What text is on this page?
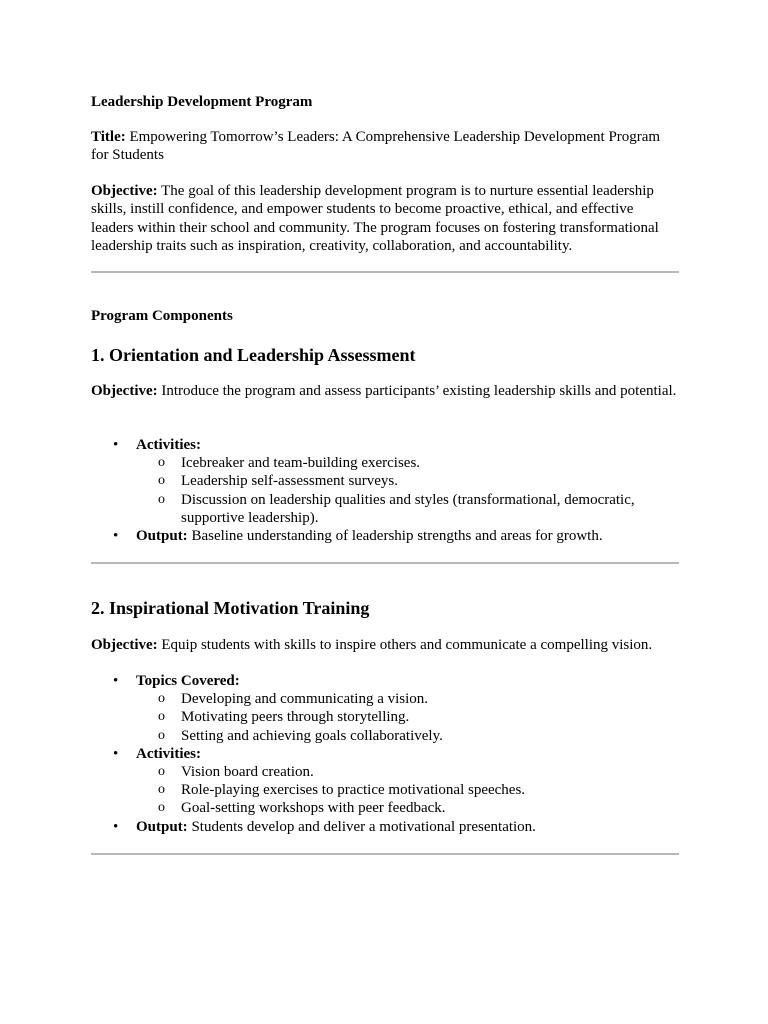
Leadership Development Program
Title: Empowering Tomorrow’s Leaders: A Comprehensive Leadership Development Program for Students
Objective: The goal of this leadership development program is to nurture essential leadership skills, instill confidence, and empower students to become proactive, ethical, and effective leaders within their school and community. The program focuses on fostering transformational leadership traits such as inspiration, creativity, collaboration, and accountability.
Program Components
1. Orientation and Leadership Assessment
Objective: Introduce the program and assess participants’ existing leadership skills and potential.
• Activities:
o Icebreaker and team-building exercises.
o Leadership self-assessment surveys.
o Discussion on leadership qualities and styles (transformational, democratic, supportive leadership).
• Output: Baseline understanding of leadership strengths and areas for growth.
2. Inspirational Motivation Training
Objective: Equip students with skills to inspire others and communicate a compelling vision.
• Topics Covered:
o Developing and communicating a vision.
o Motivating peers through storytelling.
o Setting and achieving goals collaboratively.
• Activities:
o Vision board creation.
o Role-playing exercises to practice motivational speeches.
o Goal-setting workshops with peer feedback.
• Output: Students develop and deliver a motivational presentation.
